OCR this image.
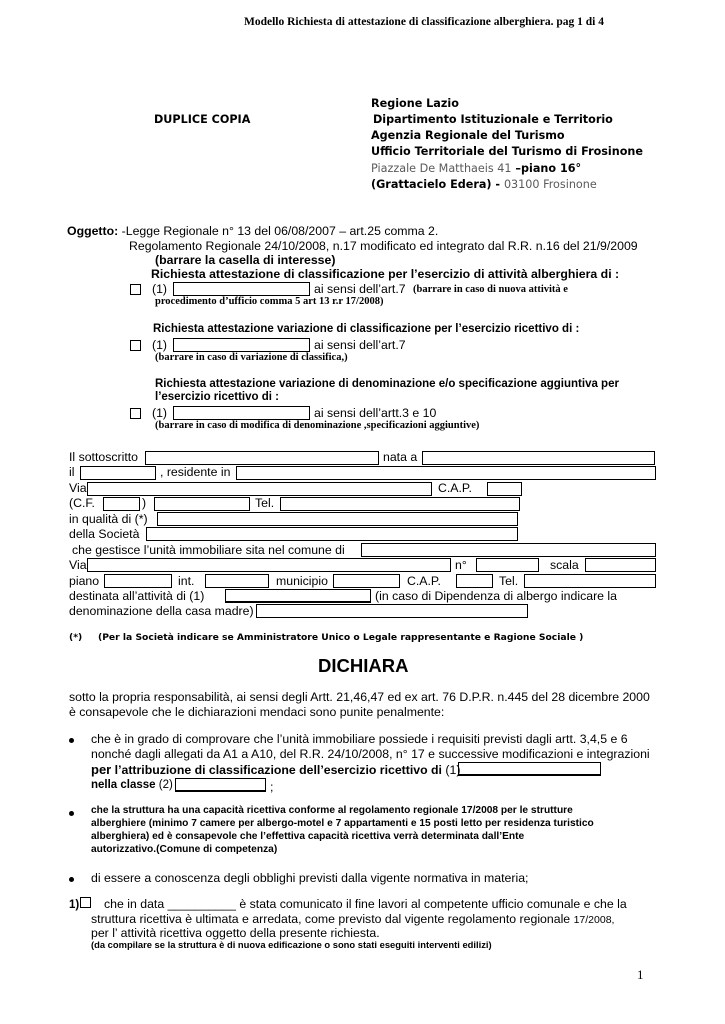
Modello Richiesta di attestazione di classificazione alberghiera. pag 1 di 4
DUPLICE COPIA
Regione Lazio
Dipartimento Istituzionale e Territorio
Agenzia Regionale del Turismo
Ufficio Territoriale del Turismo di Frosinone
Piazzale De Matthaeis 41 –piano 16°
(Grattacielo Edera) - 03100 Frosinone
Oggetto: -Legge Regionale n° 13 del 06/08/2007 – art.25 comma 2.
Regolamento Regionale 24/10/2008, n.17 modificato ed integrato dal R.R. n.16 del 21/9/2009
(barrare la casella di interesse)
Richiesta attestazione di classificazione per l’esercizio di attività alberghiera di :
(1)	ai sensi dell’art.7 (barrare in caso di nuova attività e
procedimento d’ufficio comma 5 art 13 r.r 17/2008)
Richiesta attestazione variazione di classificazione per l’esercizio ricettivo di :
(1)	ai sensi dell’art.7
(barrare in caso di variazione di classifica,)
Richiesta attestazione variazione di denominazione e/o specificazione aggiuntiva per
l’esercizio ricettivo di :
(1)	ai sensi dell’artt.3 e 10
(barrare in caso di modifica di denominazione ,specificazioni aggiuntive)
Il sottoscritto	nata a
il	, residente in
Via	C.A.P.
(C.F.	)	Tel.
in qualità di (*)
della Società
che gestisce l’unità immobiliare sita nel comune di
Via	n°	scala
piano	int.	municipio	C.A.P.	Tel.
destinata all’attività di (1)	(in caso di Dipendenza di albergo indicare la
denominazione della casa madre)
(*) (Per la Società indicare se Amministratore Unico o Legale rappresentante e Ragione Sociale )
DICHIARA
sotto la propria responsabilità, ai sensi degli Artt. 21,46,47 ed ex art. 76 D.P.R. n.445 del 28 dicembre 2000
è consapevole che le dichiarazioni mendaci sono punite penalmente:
che è in grado di comprovare che l’unità immobiliare possiede i requisiti previsti dagli artt. 3,4,5 e 6
nonché dagli allegati da A1 a A10, del R.R. 24/10/2008, n° 17 e successive modificazioni e integrazioni
per l’attribuzione di classificazione dell’esercizio ricettivo di (1)
nella classe (2)	;
che la struttura ha una capacità ricettiva conforme al regolamento regionale 17/2008 per le strutture
alberghiere (minimo 7 camere per albergo-motel e 7 appartamenti e 15 posti letto per residenza turistico
alberghiera) ed è consapevole che l’effettiva capacità ricettiva verrà determinata dall’Ente
autorizzativo.(Comune di competenza)
di essere a conoscenza degli obblighi previsti dalla vigente normativa in materia;
1) che in data __________ è stata comunicato il fine lavori al competente ufficio comunale e che la
struttura ricettiva è ultimata e arredata, come previsto dal vigente regolamento regionale 17/2008,
per l’ attività ricettiva oggetto della presente richiesta.
(da compilare se la struttura è di nuova edificazione o sono stati eseguiti interventi edilizi)
1
